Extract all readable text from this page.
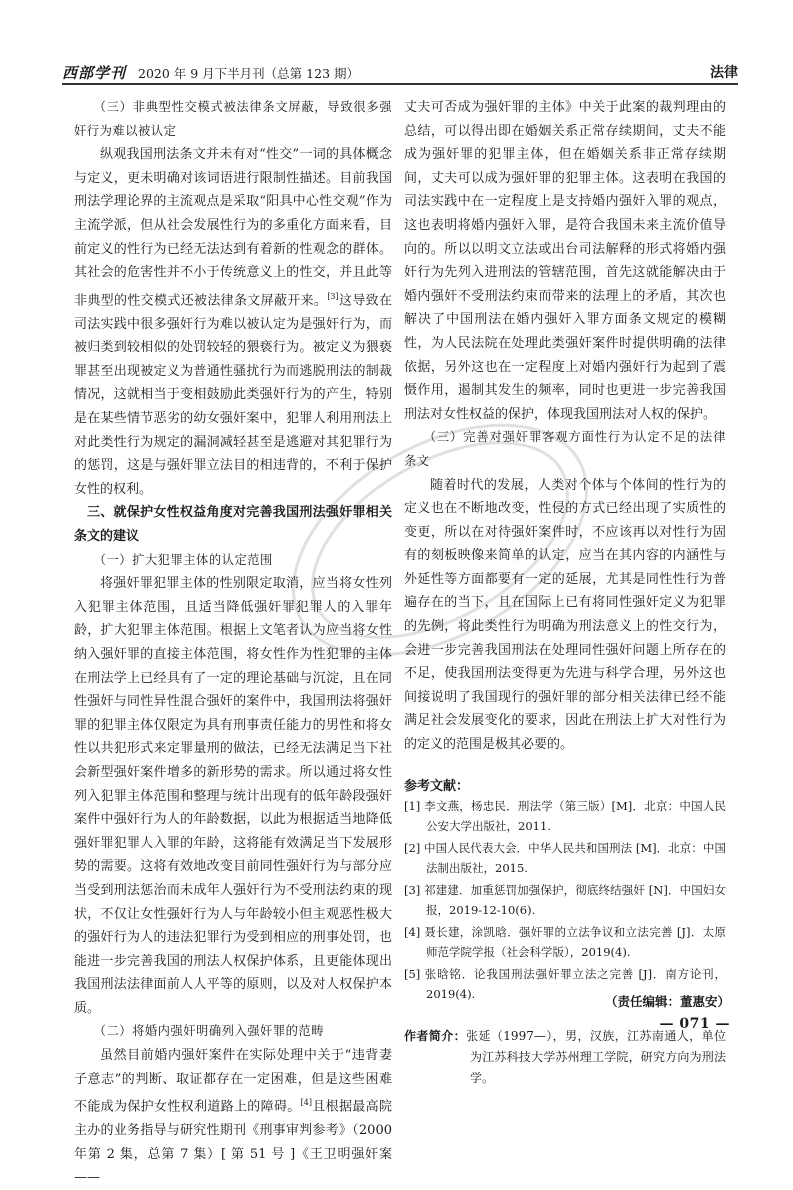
西部学刊 2020 年 9 月下半月刊（总第 123 期）	法律

（三）非典型性交模式被法律条文屏蔽，导致很多强奸行为难以被认定

纵观我国刑法条文并未有对“性交”一词的具体概念与定义，更未明确对该词语进行限制性描述。目前我国刑法学理论界的主流观点是采取“阳具中心性交观”作为主流学派，但从社会发展性行为的多重化方面来看，目前定义的性行为已经无法达到有着新的性观念的群体。其社会的危害性并不小于传统意义上的性交，并且此等非典型的性交模式还被法律条文屏蔽开来。[3]这导致在司法实践中很多强奸行为难以被认定为是强奸行为，而被归类到较相似的处罚较轻的猥亵行为。被定义为猥亵罪甚至出现被定义为普通性骚扰行为而逃脱刑法的制裁情况，这就相当于变相鼓励此类强奸行为的产生，特别是在某些情节恶劣的幼女强奸案中，犯罪人利用刑法上对此类性行为规定的漏洞减轻甚至是逃避对其犯罪行为的惩罚，这是与强奸罪立法目的相违背的，不利于保护女性的权利。

三、就保护女性权益角度对完善我国刑法强奸罪相关条文的建议

（一）扩大犯罪主体的认定范围

将强奸罪犯罪主体的性别限定取消，应当将女性列入犯罪主体范围，且适当降低强奸罪犯罪人的入罪年龄，扩大犯罪主体范围。根据上文笔者认为应当将女性纳入强奸罪的直接主体范围，将女性作为性犯罪的主体在刑法学上已经具有了一定的理论基础与沉淀，且在同性强奸与同性异性混合强奸的案件中，我国刑法将强奸罪的犯罪主体仅限定为具有刑事责任能力的男性和将女性以共犯形式来定罪量刑的做法，已经无法满足当下社会新型强奸案件增多的新形势的需求。所以通过将女性列入犯罪主体范围和整理与统计出现有的低年龄段强奸案件中强奸行为人的年龄数据，以此为根据适当地降低强奸罪犯罪人入罪的年龄，这将能有效满足当下发展形势的需要。这将有效地改变目前同性强奸行为与部分应当受到刑法惩治而未成年人强奸行为不受刑法约束的现状，不仅让女性强奸行为人与年龄较小但主观恶性极大的强奸行为人的违法犯罪行为受到相应的刑事处罚，也能进一步完善我国的刑法人权保护体系，且更能体现出我国刑法法律面前人人平等的原则，以及对人权保护本质。

（二）将婚内强奸明确列入强奸罪的范畴

虽然目前婚内强奸案件在实际处理中关于“违背妻子意志”的判断、取证都存在一定困难，但是这些困难不能成为保护女性权利道路上的障碍。[4]且根据最高院主办的业务指导与研究性期刊《刑事审判参考》（2000年第 2 集，总第 7 集）[ 第 51 号 ]《王卫明强奸案——

丈夫可否成为强奸罪的主体》中关于此案的裁判理由的总结，可以得出即在婚姻关系正常存续期间，丈夫不能成为强奸罪的犯罪主体，但在婚姻关系非正常存续期间，丈夫可以成为强奸罪的犯罪主体。这表明在我国的司法实践中在一定程度上是支持婚内强奸入罪的观点，这也表明将婚内强奸入罪，是符合我国未来主流价值导向的。所以以明文立法或出台司法解释的形式将婚内强奸行为先列入进刑法的管辖范围，首先这就能解决由于婚内强奸不受刑法约束而带来的法理上的矛盾，其次也解决了中国刑法在婚内强奸入罪方面条文规定的模糊性，为人民法院在处理此类强奸案件时提供明确的法律依据，另外这也在一定程度上对婚内强奸行为起到了震慑作用，遏制其发生的频率，同时也更进一步完善我国刑法对女性权益的保护，体现我国刑法对人权的保护。

（三）完善对强奸罪客观方面性行为认定不足的法律条文

随着时代的发展，人类对个体与个体间的性行为的定义也在不断地改变，性侵的方式已经出现了实质性的变更，所以在对待强奸案件时，不应该再以对性行为固有的刻板映像来简单的认定，应当在其内容的内涵性与外延性等方面都要有一定的延展，尤其是同性性行为普遍存在的当下，且在国际上已有将同性强奸定义为犯罪的先例，将此类性行为明确为刑法意义上的性交行为，会进一步完善我国刑法在处理同性强奸问题上所存在的不足，使我国刑法变得更为先进与科学合理，另外这也间接说明了我国现行的强奸罪的部分相关法律已经不能满足社会发展变化的要求，因此在刑法上扩大对性行为的定义的范围是极其必要的。

参考文献：

[1] 李文燕，杨忠民．刑法学（第三版）[M]．北京：中国人民公安大学出版社，2011.

[2] 中国人民代表大会．中华人民共和国刑法 [M]．北京：中国法制出版社，2015.

[3] 祁建建．加重惩罚加强保护，彻底终结强奸 [N]．中国妇女报，2019-12-10(6).

[4] 聂长建，涂凯晗．强奸罪的立法争议和立法完善 [J]．太原师范学院学报（社会科学版），2019(4).

[5] 张晗铭．论我国刑法强奸罪立法之完善 [J]．南方论刊，2019(4).

作者简介：张延（1997—），男，汉族，江苏南通人，单位为江苏科技大学苏州理工学院，研究方向为刑法学。

（责任编辑：董惠安）
— 071 —
